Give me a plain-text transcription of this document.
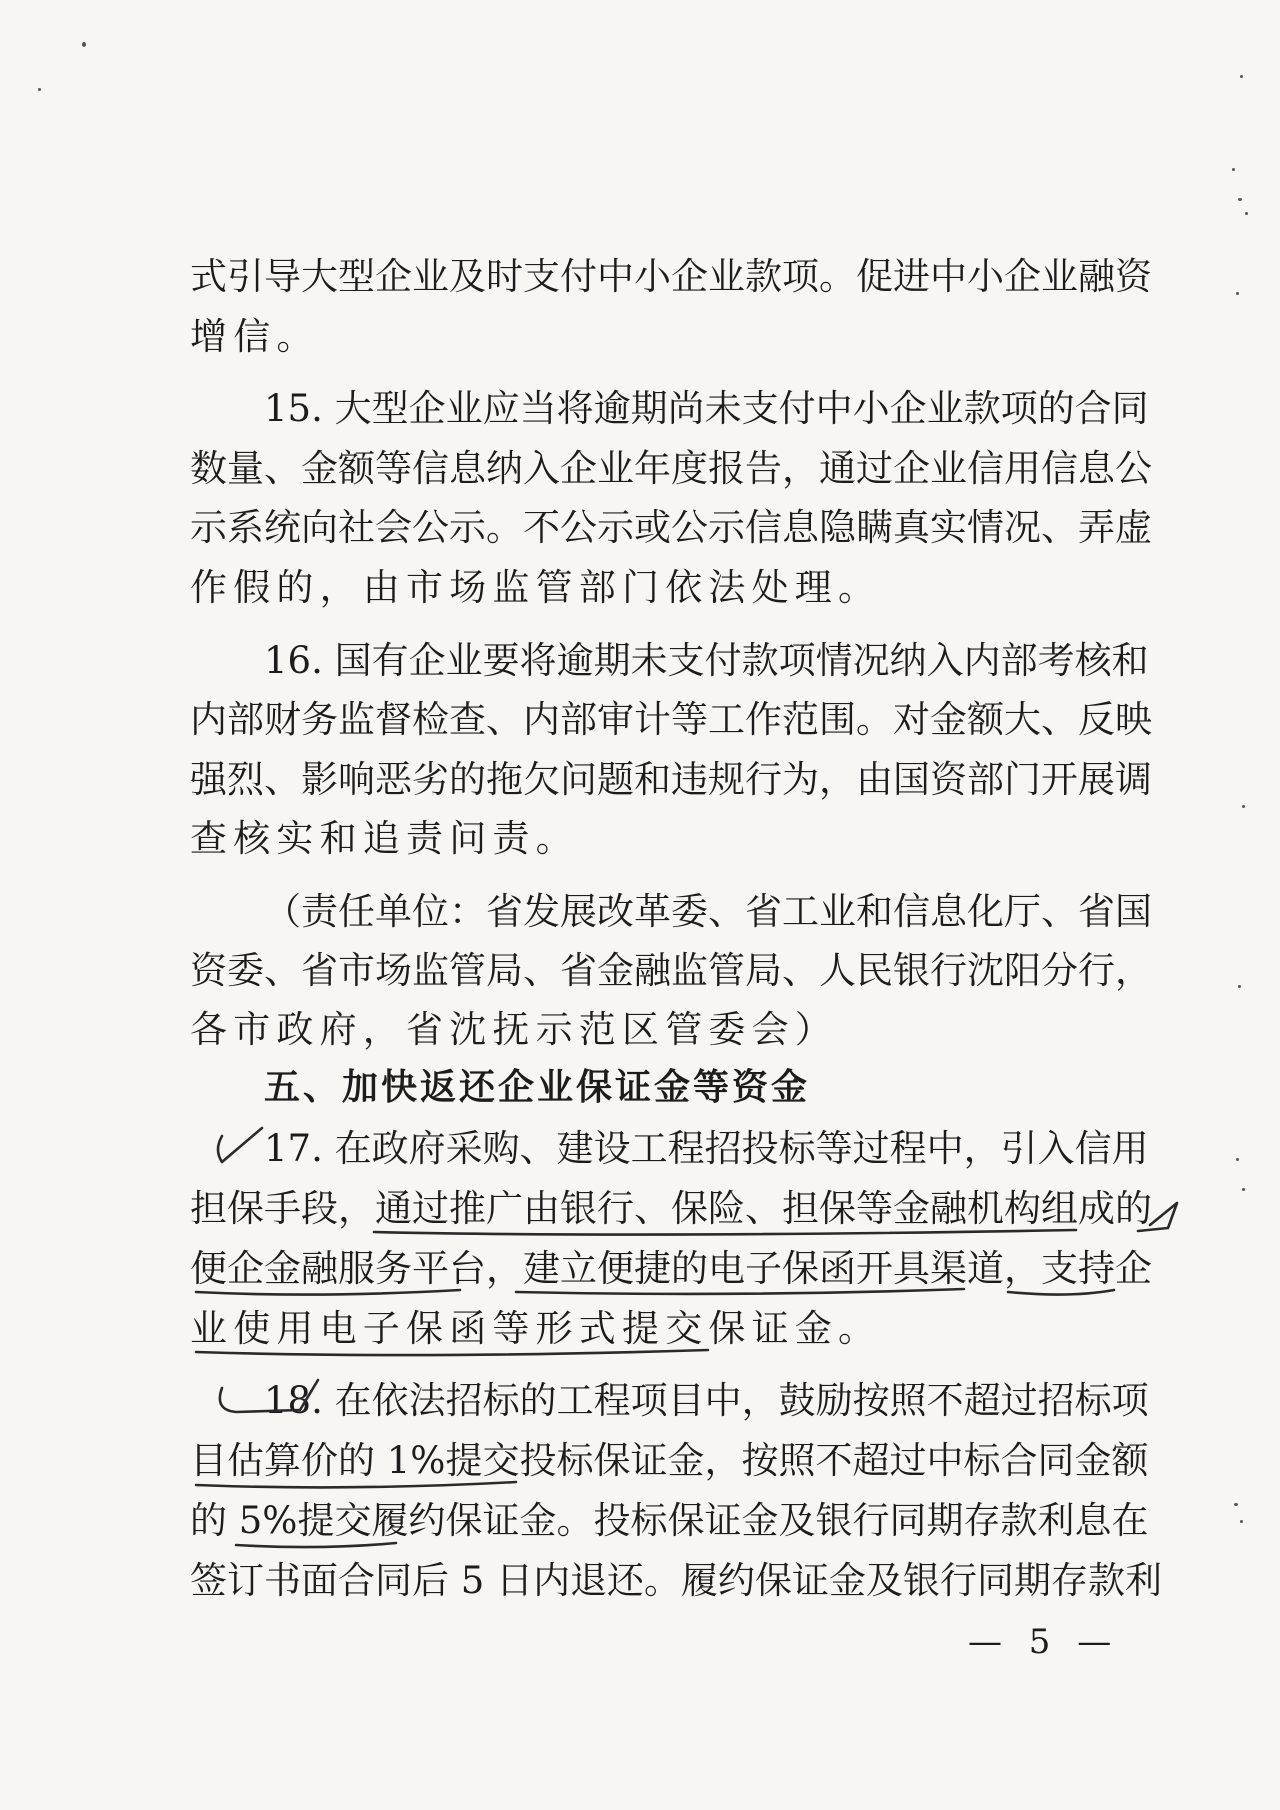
式引导大型企业及时支付中小企业款项。促进中小企业融资
增信。
15. 大型企业应当将逾期尚未支付中小企业款项的合同
数量、金额等信息纳入企业年度报告，通过企业信用信息公
示系统向社会公示。不公示或公示信息隐瞒真实情况、弄虚
作假的，由市场监管部门依法处理。
16. 国有企业要将逾期未支付款项情况纳入内部考核和
内部财务监督检查、内部审计等工作范围。对金额大、反映
强烈、影响恶劣的拖欠问题和违规行为，由国资部门开展调
查核实和追责问责。
（责任单位：省发展改革委、省工业和信息化厅、省国
资委、省市场监管局、省金融监管局、人民银行沈阳分行，
各市政府，省沈抚示范区管委会）
五、加快返还企业保证金等资金
17. 在政府采购、建设工程招投标等过程中，引入信用
担保手段，通过推广由银行、保险、担保等金融机构组成的
便企金融服务平台，建立便捷的电子保函开具渠道，支持企
业使用电子保函等形式提交保证金。
18. 在依法招标的工程项目中，鼓励按照不超过招标项
目估算价的 1%提交投标保证金，按照不超过中标合同金额
的 5%提交履约保证金。投标保证金及银行同期存款利息在
签订书面合同后 5 日内退还。履约保证金及银行同期存款利
— 5 —
